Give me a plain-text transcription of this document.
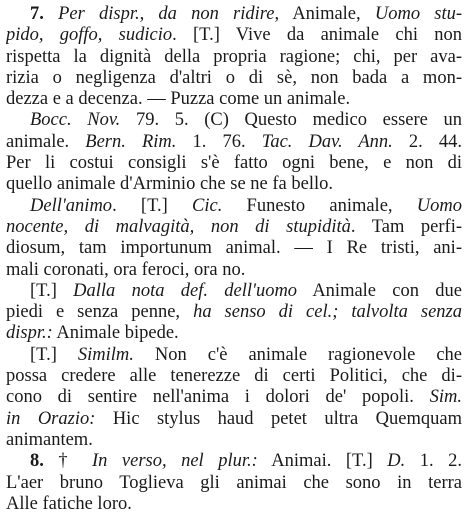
7. Per dispr., da non ridire, Animale, Uomo stu-
pido, goffo, sudicio. [T.] Vive da animale chi non
rispetta la dignità della propria ragione; chi, per ava-
rizia o negligenza d'altri o di sè, non bada a mon-
dezza e a decenza. — Puzza come un animale.
Bocc. Nov. 79. 5. (C) Questo medico essere un
animale. Bern. Rim. 1. 76. Tac. Dav. Ann. 2. 44.
Per li costui consigli s'è fatto ogni bene, e non di
quello animale d'Arminio che se ne fa bello.
Dell'animo. [T.] Cic. Funesto animale, Uomo
nocente, di malvagità, non di stupidità. Tam perfi-
diosum, tam importunum animal. — I Re tristi, ani-
mali coronati, ora feroci, ora no.
[T.] Dalla nota def. dell'uomo Animale con due
piedi e senza penne, ha senso di cel.; talvolta senza
dispr.: Animale bipede.
[T.] Similm. Non c'è animale ragionevole che
possa credere alle tenerezze di certi Politici, che di-
cono di sentire nell'anima i dolori de' popoli. Sim.
in Orazio: Hic stylus haud petet ultra Quemquam
animantem.
8. † In verso, nel plur.: Animai. [T.] D. 1. 2.
L'aer bruno Toglieva gli animai che sono in terra
Alle fatiche loro.
